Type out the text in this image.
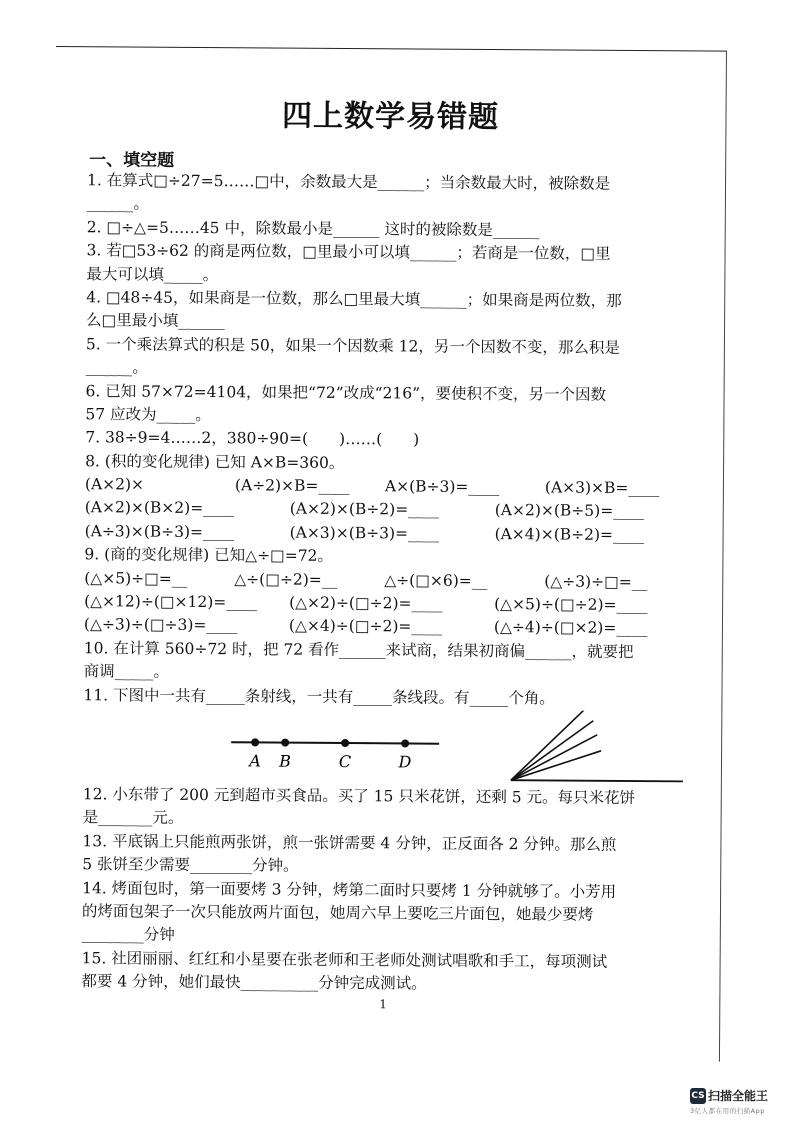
四上数学易错题
一、填空题
1. 在算式□÷27=5……□中，余数最大是______；当余数最大时，被除数是
______。
2. □÷△=5……45 中，除数最小是______ 这时的被除数是______
3. 若□53÷62 的商是两位数，□里最小可以填______；若商是一位数，□里
最大可以填_____。
4. □48÷45，如果商是一位数，那么□里最大填______；如果商是两位数，那
么□里最小填______
5. 一个乘法算式的积是 50，如果一个因数乘 12，另一个因数不变，那么积是
______。
6. 已知 57×72=4104，如果把“72”改成“216”，要使积不变，另一个因数
57 应改为_____。
7. 38÷9=4……2，380÷90=(　　)……(　　)
8. (积的变化规律) 已知 A×B=360。
(A×2)×	(A÷2)×B=____ A×(B÷3)=____	(A×3)×B=____
(A×2)×(B×2)=____	(A×2)×(B÷2)=____	(A×2)×(B÷5)=____
(A÷3)×(B÷3)=____	(A×3)×(B÷3)=____	(A×4)×(B÷2)=____
9. (商的变化规律) 已知△÷□=72。
(△×5)÷□=__	△÷(□÷2)=__	△÷(□×6)=__	(△÷3)÷□=__
(△×12)÷(□×12)=____ (△×2)÷(□÷2)=____	(△×5)÷(□÷2)=____
(△÷3)÷(□÷3)=____	(△×4)÷(□÷2)=____	(△÷4)÷(□×2)=____
10. 在计算 560÷72 时，把 72 看作______来试商，结果初商偏______，就要把
商调_____。
11. 下图中一共有_____条射线，一共有_____条线段。有_____个角。
A B	C	D
12. 小东带了 200 元到超市买食品。买了 15 只米花饼，还剩 5 元。每只米花饼
是_______元。
13. 平底锅上只能煎两张饼，煎一张饼需要 4 分钟，正反面各 2 分钟。那么煎
5 张饼至少需要________分钟。
14. 烤面包时，第一面要烤 3 分钟，烤第二面时只要烤 1 分钟就够了。小芳用
的烤面包架子一次只能放两片面包，她周六早上要吃三片面包，她最少要烤
________分钟
15. 社团丽丽、红红和小星要在张老师和王老师处测试唱歌和手工，每项测试
都要 4 分钟，她们最快__________分钟完成测试。
1
CS 扫描全能王
3亿人都在用的扫描App
